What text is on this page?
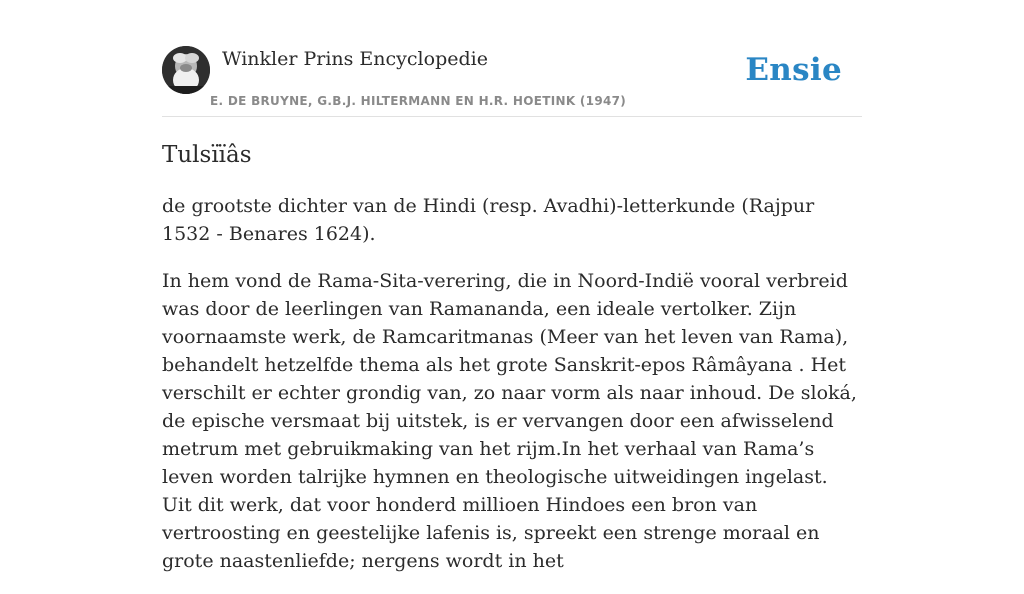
Winkler Prins Encyclopedie
E. DE BRUYNE, G.B.J. HILTERMANN EN H.R. HOETINK (1947)
Ensie
Tulsïïâs

de grootste dichter van de Hindi (resp. Avadhi)-letterkunde (Rajpur 1532 - Benares 1624).

In hem vond de Rama-Sita-verering, die in Noord-Indië vooral verbreid was door de leerlingen van Ramananda, een ideale vertolker. Zijn voornaamste werk, de Ramcaritmanas (Meer van het leven van Rama), behandelt hetzelfde thema als het grote Sanskrit-epos Râmâyana . Het verschilt er echter grondig van, zo naar vorm als naar inhoud. De sloká, de epische versmaat bij uitstek, is er vervangen door een afwisselend metrum met gebruikmaking van het rijm.In het verhaal van Rama’s leven worden talrijke hymnen en theologische uitweidingen ingelast. Uit dit werk, dat voor honderd millioen Hindoes een bron van vertroosting en geestelijke lafenis is, spreekt een strenge moraal en grote naastenliefde; nergens wordt in het
